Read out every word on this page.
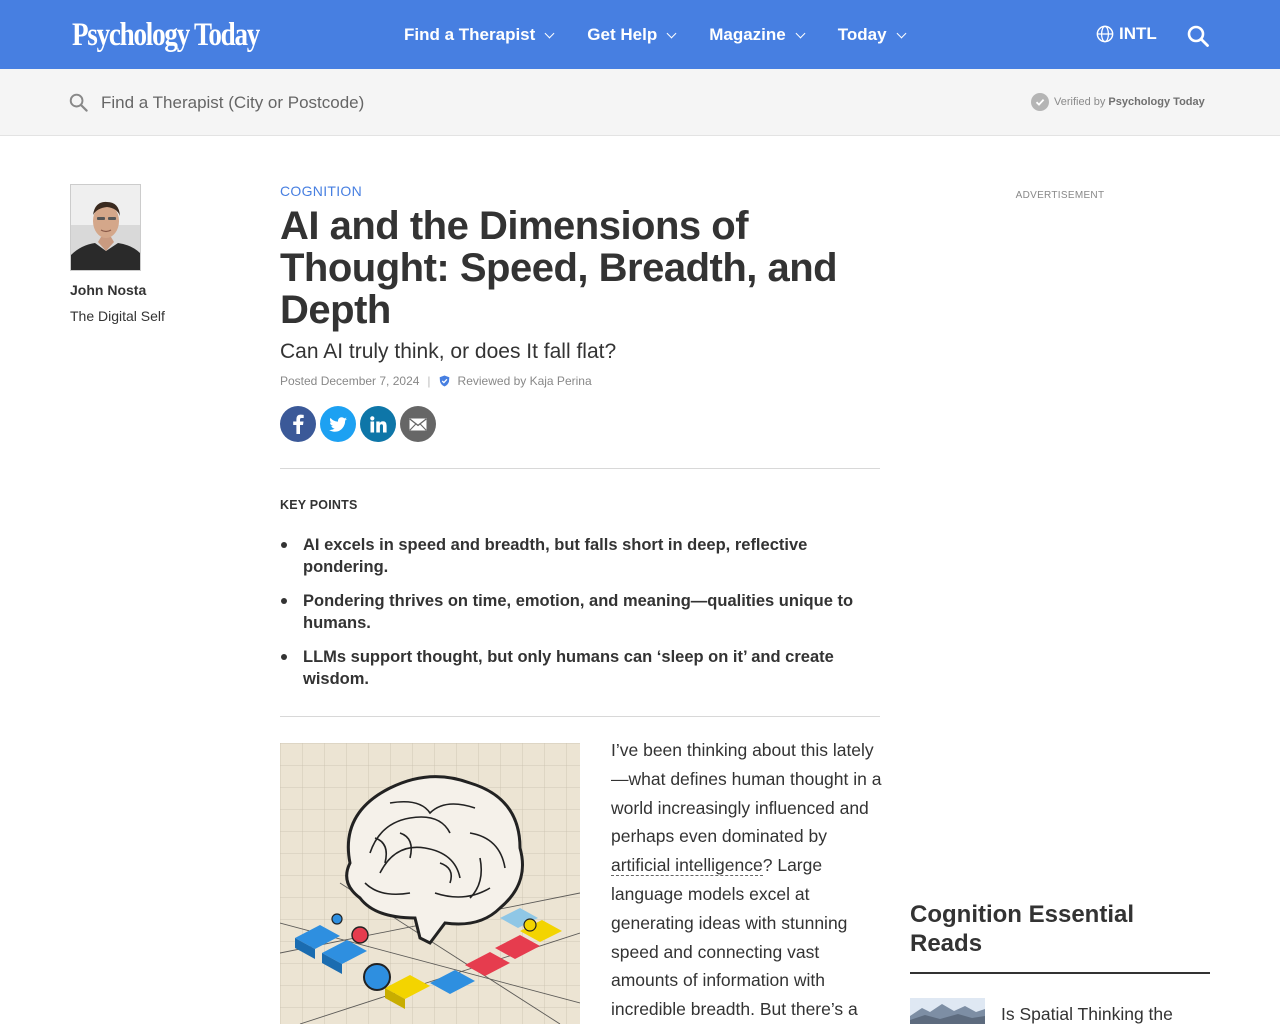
Psychology Today	Find a Therapist	Get Help	Magazine	Today	INTL
Find a Therapist (City or Postcode)
Verified by Psychology Today
John Nosta
The Digital Self
COGNITION
AI and the Dimensions of Thought: Speed, Breadth, and Depth
Can AI truly think, or does It fall flat?
Posted December 7, 2024 | Reviewed by Kaja Perina
KEY POINTS
AI excels in speed and breadth, but falls short in deep, reflective pondering.
Pondering thrives on time, emotion, and meaning—qualities unique to humans.
LLMs support thought, but only humans can ‘sleep on it’ and create wisdom.

I’ve been thinking about this lately—what defines human thought in a world increasingly influenced and perhaps even dominated by artificial intelligence? Large language models excel at generating ideas with stunning speed and connecting vast amounts of information with incredible breadth. But there’s a

ADVERTISEMENT
Cognition Essential Reads
Is Spatial Thinking the
